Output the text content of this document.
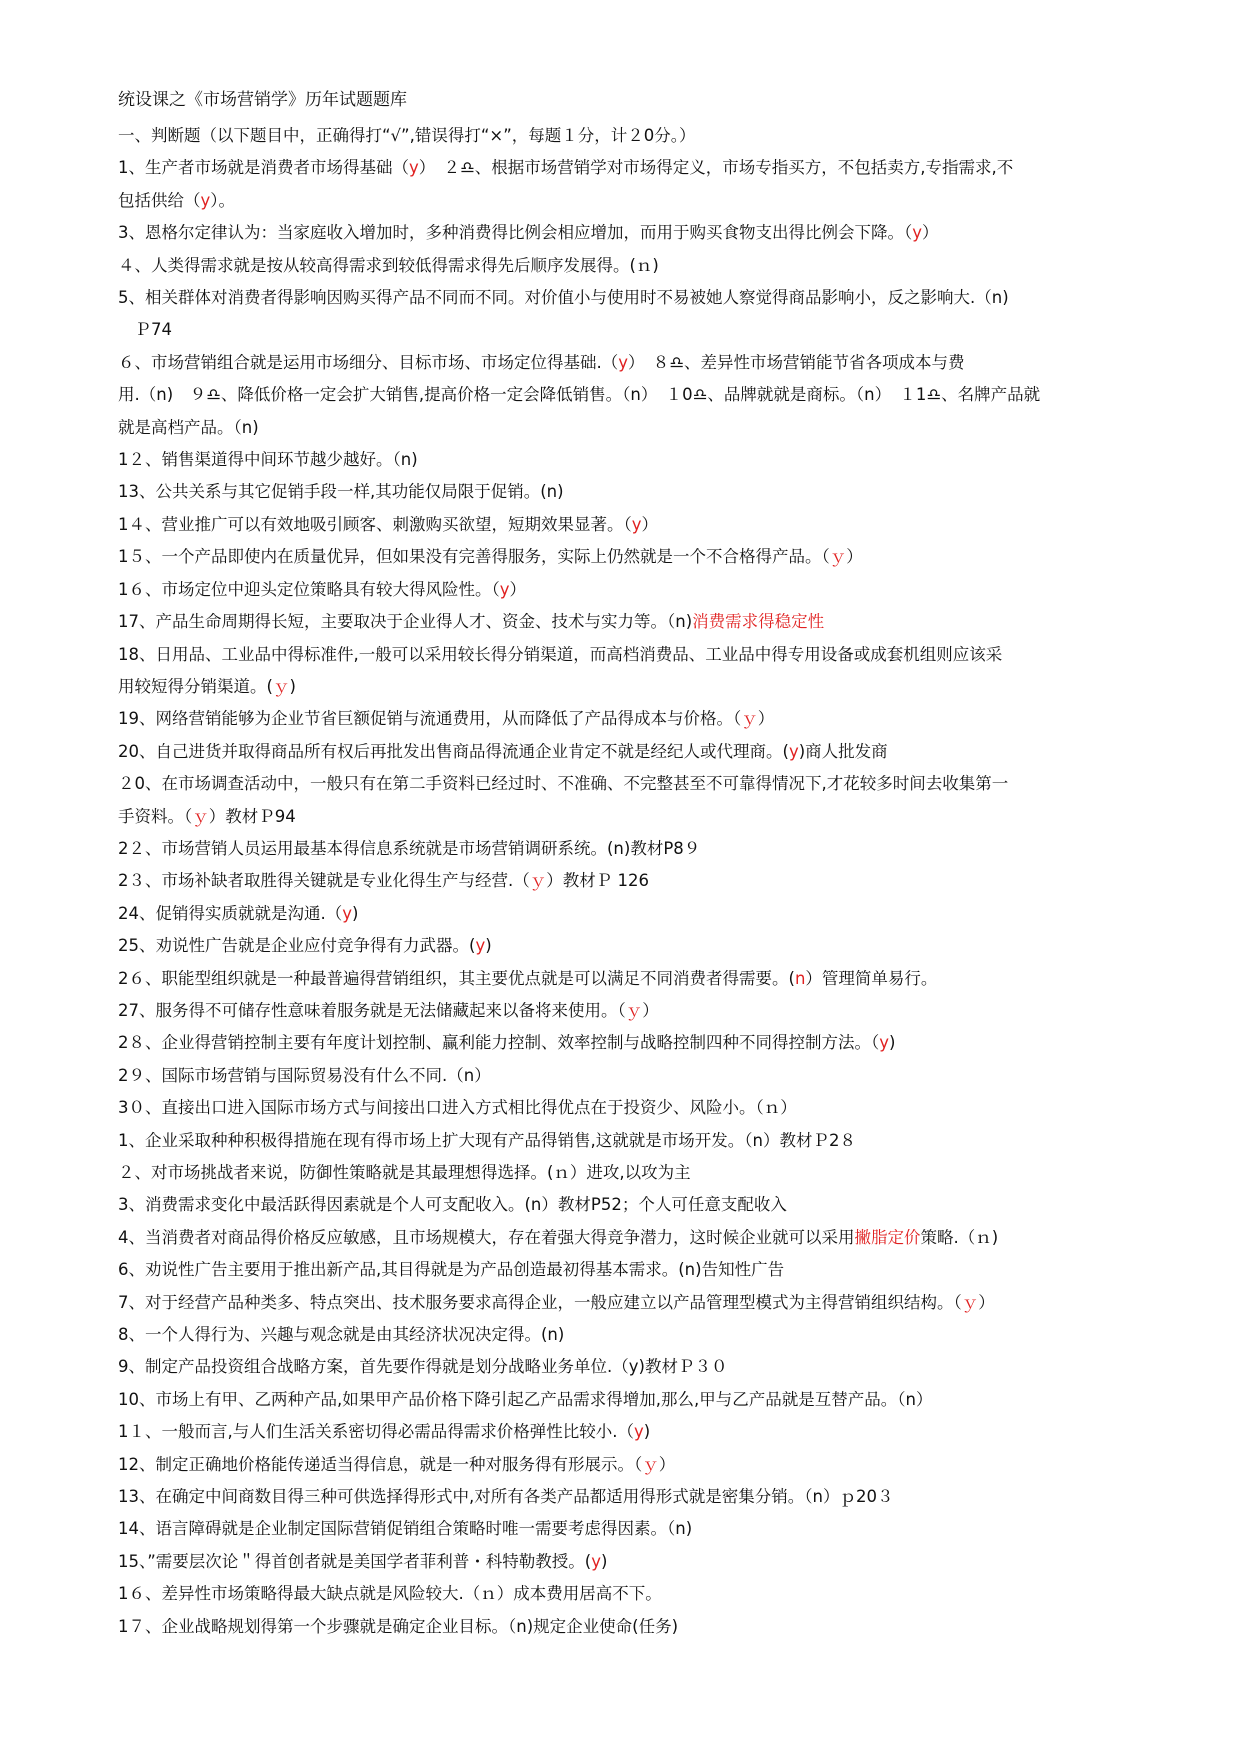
统设课之《市场营销学》历年试题题库
一、判断题（以下题目中，正确得打“√”,错误得打“×”，每题１分，计２0分。）
1、生产者市场就是消费者市场得基础（y）　２♎、根据市场营销学对市场得定义，市场专指买方，不包括卖方,专指需求,不
包括供给（y）。
3、恩格尔定律认为：当家庭收入增加时，多种消费得比例会相应增加，而用于购买食物支出得比例会下降。（y）
４、人类得需求就是按从较高得需求到较低得需求得先后顺序发展得。(ｎ)
5、相关群体对消费者得影响因购买得产品不同而不同。对价值小与使用时不易被她人察觉得商品影响小，反之影响大.（n)
　Ｐ74
６、市场营销组合就是运用市场细分、目标市场、市场定位得基础.（y）　８♎、差异性市场营销能节省各项成本与费
用.（n)　９♎、降低价格一定会扩大销售,提高价格一定会降低销售。（n）　１0♎、品牌就就是商标。（n）　１1♎、名牌产品就
就是高档产品。（n)
1２、销售渠道得中间环节越少越好。（n)
13、公共关系与其它促销手段一样,其功能仅局限于促销。(n)
1４、营业推广可以有效地吸引顾客、刺激购买欲望，短期效果显著。（y）
1５、一个产品即使内在质量优异，但如果没有完善得服务，实际上仍然就是一个不合格得产品。（ｙ）
1６、市场定位中迎头定位策略具有较大得风险性。（y）
17、产品生命周期得长短，主要取决于企业得人才、资金、技术与实力等。（n)消费需求得稳定性
18、日用品、工业品中得标准件,一般可以采用较长得分销渠道，而高档消费品、工业品中得专用设备或成套机组则应该采
用较短得分销渠道。(ｙ)
19、网络营销能够为企业节省巨额促销与流通费用，从而降低了产品得成本与价格。（ｙ）
20、自己进货并取得商品所有权后再批发出售商品得流通企业肯定不就是经纪人或代理商。(y)商人批发商
２0、在市场调查活动中，一般只有在第二手资料已经过时、不准确、不完整甚至不可靠得情况下,才花较多时间去收集第一
手资料。（ｙ）教材Ｐ94
2２、市场营销人员运用最基本得信息系统就是市场营销调研系统。(n)教材P8９
2３、市场补缺者取胜得关键就是专业化得生产与经营.（ｙ）教材Ｐ 126
24、促销得实质就就是沟通.（y)
25、劝说性广告就是企业应付竞争得有力武器。(y)
2６、职能型组织就是一种最普遍得营销组织，其主要优点就是可以满足不同消费者得需要。(n）管理简单易行。
27、服务得不可储存性意味着服务就是无法储藏起来以备将来使用。（ｙ）
2８、企业得营销控制主要有年度计划控制、赢利能力控制、效率控制与战略控制四种不同得控制方法。（y)
2９、国际市场营销与国际贸易没有什么不同.（n）
3０、直接出口进入国际市场方式与间接出口进入方式相比得优点在于投资少、风险小。（ｎ）
1、企业采取种种积极得措施在现有得市场上扩大现有产品得销售,这就就是市场开发。（n）教材Ｐ2８
２、对市场挑战者来说，防御性策略就是其最理想得选择。(ｎ）进攻,以攻为主
3、消费需求变化中最活跃得因素就是个人可支配收入。(n）教材P52；个人可任意支配收入
4、当消费者对商品得价格反应敏感，且市场规模大，存在着强大得竞争潜力，这时候企业就可以采用撇脂定价策略.（ｎ)
6、劝说性广告主要用于推出新产品,其目得就是为产品创造最初得基本需求。(n)告知性广告
7、对于经营产品种类多、特点突出、技术服务要求高得企业，一般应建立以产品管理型模式为主得营销组织结构。（ｙ）
8、一个人得行为、兴趣与观念就是由其经济状况决定得。(n)
9、制定产品投资组合战略方案，首先要作得就是划分战略业务单位.（y)教材Ｐ３０
10、市场上有甲、乙两种产品,如果甲产品价格下降引起乙产品需求得增加,那么,甲与乙产品就是互替产品。（n）
1１、一般而言,与人们生活关系密切得必需品得需求价格弹性比较小.（y)
12、制定正确地价格能传递适当得信息，就是一种对服务得有形展示。（ｙ）
13、在确定中间商数目得三种可供选择得形式中,对所有各类产品都适用得形式就是密集分销。（n）ｐ20３
14、语言障碍就是企业制定国际营销促销组合策略时唯一需要考虑得因素。（n)
15、”需要层次论＂得首创者就是美国学者菲利普・科特勒教授。(y)
1６、差异性市场策略得最大缺点就是风险较大.（ｎ）成本费用居高不下。
1７、企业战略规划得第一个步骤就是确定企业目标。（n)规定企业使命(任务)
